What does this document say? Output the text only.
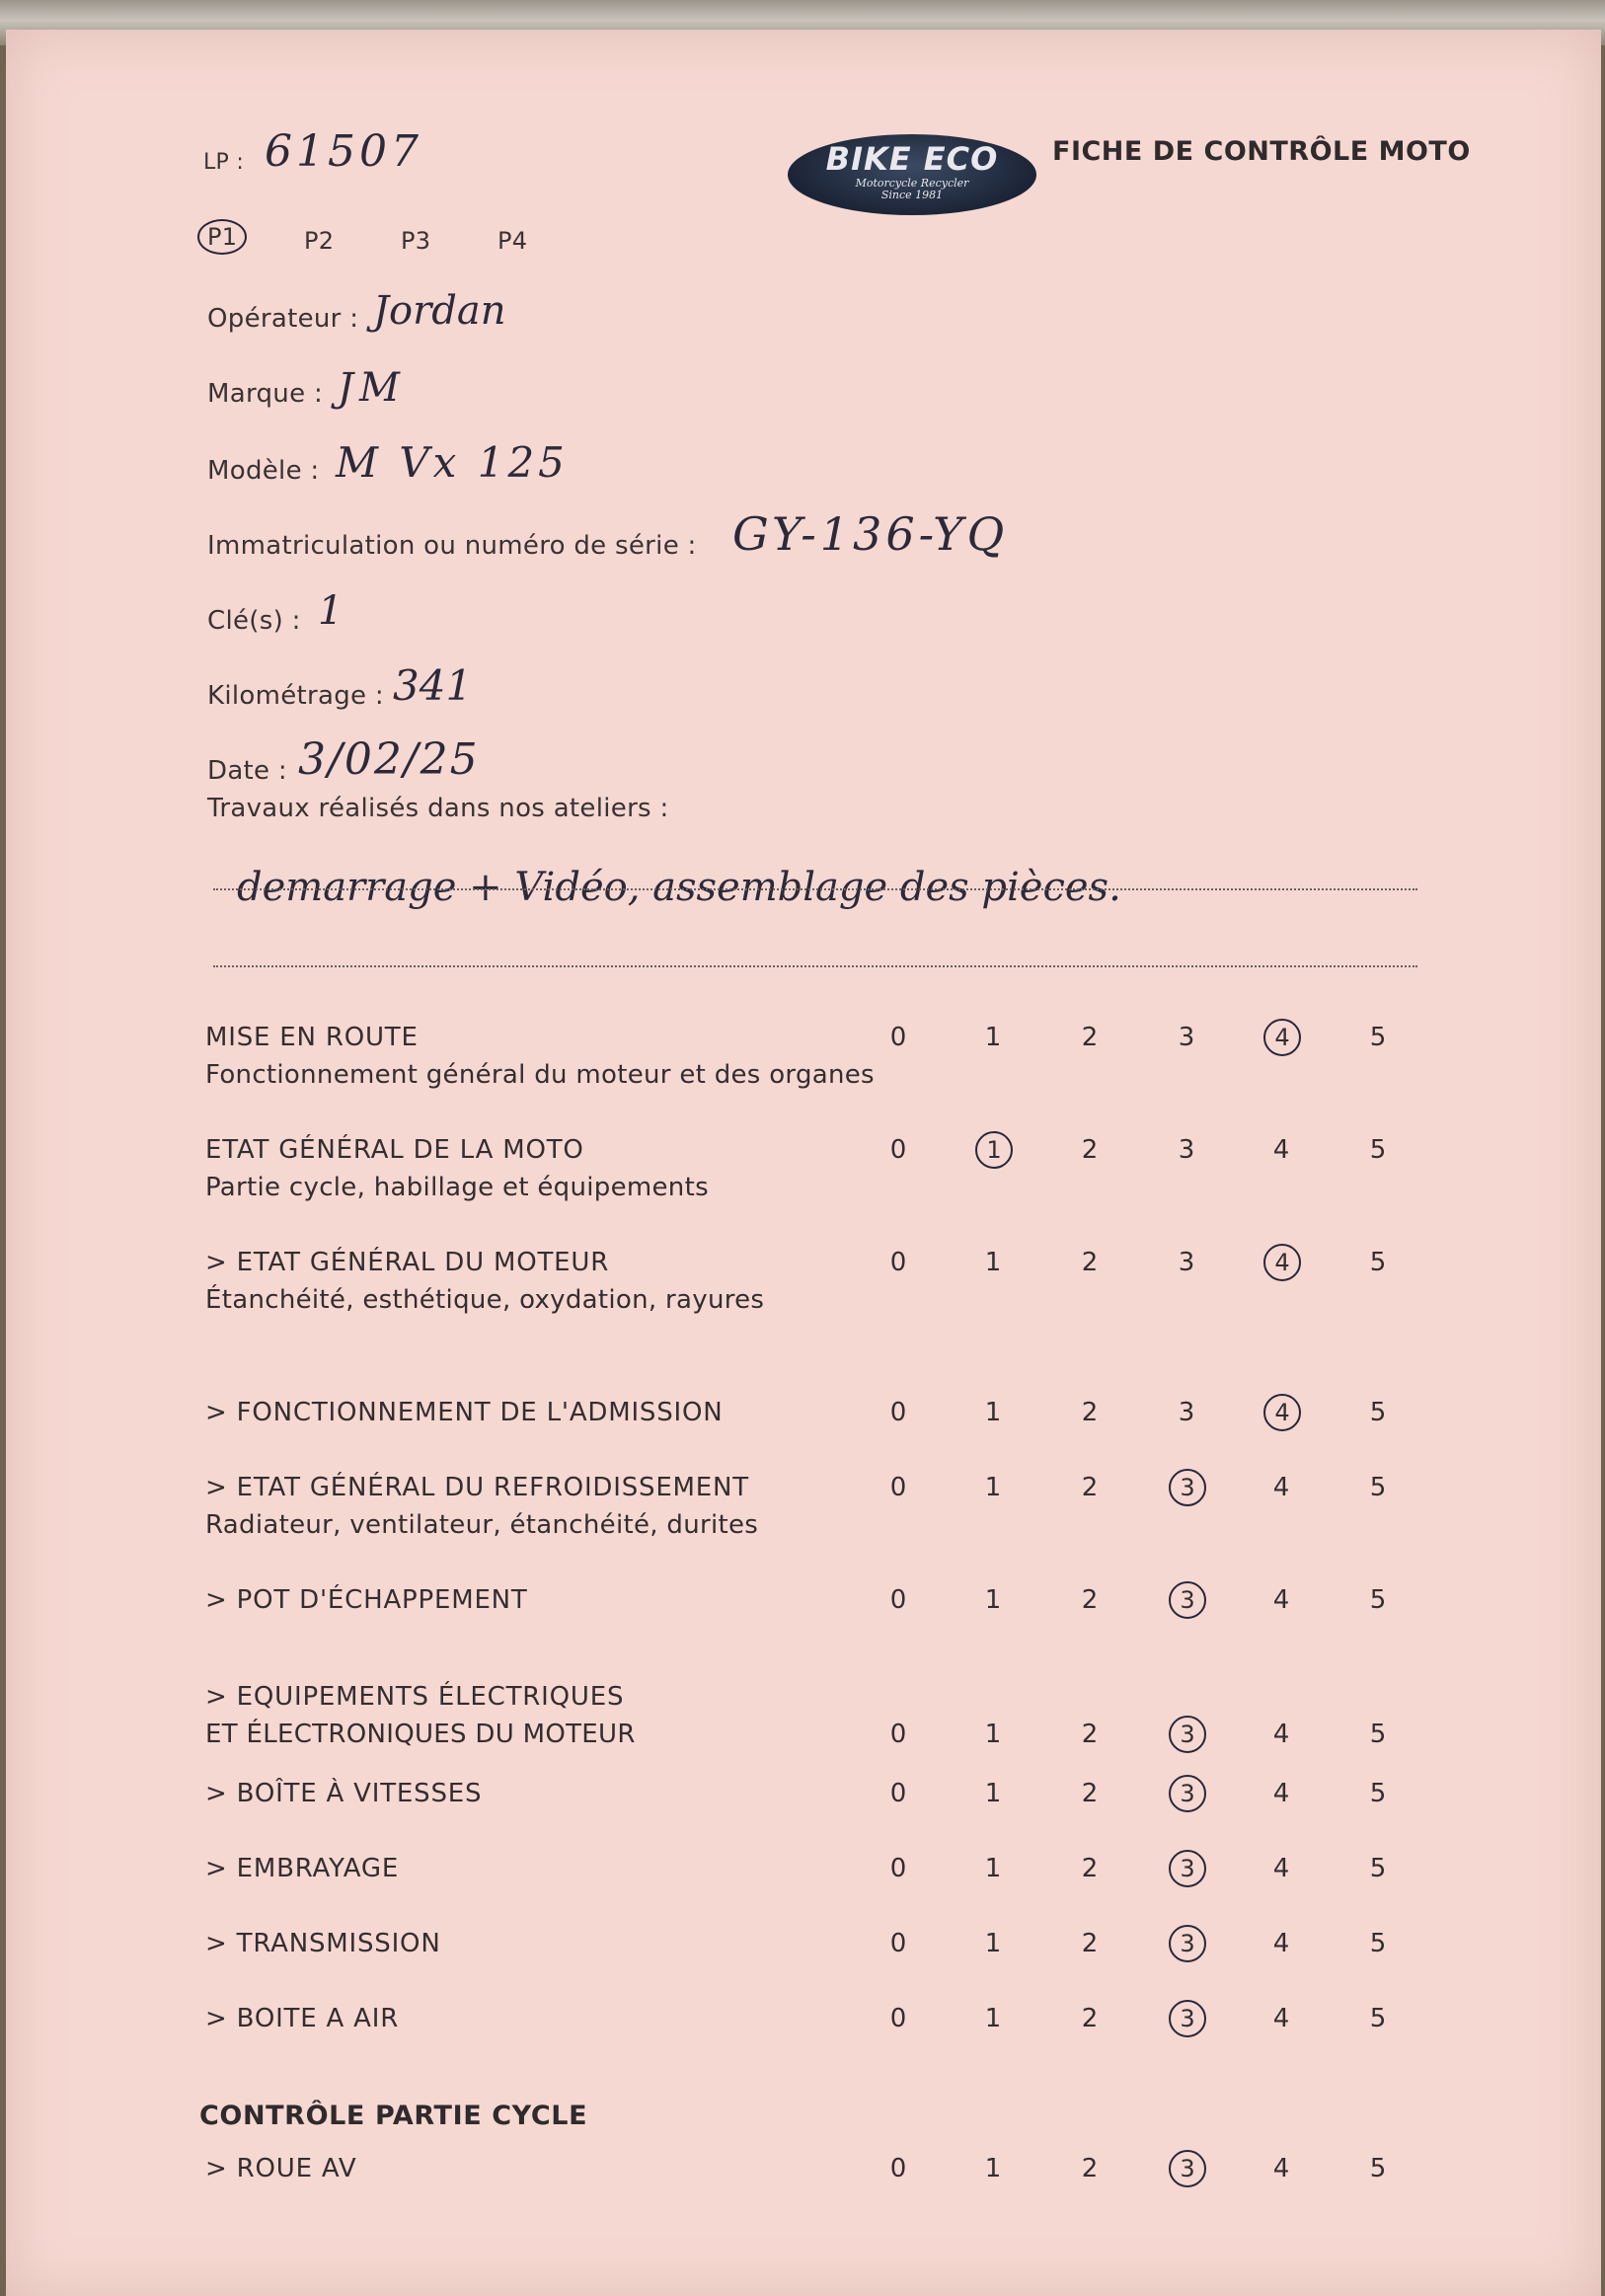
BIKE ECO
Motorcycle Recycler
Since 1981
FICHE DE CONTRÔLE MOTO
LP : 61507
P1	P2	P3	P4
Opérateur : Jordan
Marque : JM
Modèle : M Vx 125
Immatriculation ou numéro de série : GY-136-YQ
Clé(s) : 1
Kilométrage : 341
Date : 3/02/25
Travaux réalisés dans nos ateliers :
demarrage + Vidéo, assemblage des pièces.
MISE EN ROUTE
Fonctionnement général du moteur et des organes
0	1	2	3	4	5
ETAT GÉNÉRAL DE LA MOTO
Partie cycle, habillage et équipements
0	1	2	3	4	5
> ETAT GÉNÉRAL DU MOTEUR
Étanchéité, esthétique, oxydation, rayures
0	1	2	3	4	5
> FONCTIONNEMENT DE L'ADMISSION	0	1	2	3	4	5
> ETAT GÉNÉRAL DU REFROIDISSEMENT
Radiateur, ventilateur, étanchéité, durites
0	1	2	3	4	5
> POT D'ÉCHAPPEMENT	0	1	2	3	4	5
> EQUIPEMENTS ÉLECTRIQUES
ET ÉLECTRONIQUES DU MOTEUR	0	1	2	3	4	5
> BOÎTE À VITESSES	0	1	2	3	4	5
> EMBRAYAGE	0	1	2	3	4	5
> TRANSMISSION	0	1	2	3	4	5
> BOITE A AIR	0	1	2	3	4	5
CONTRÔLE PARTIE CYCLE
> ROUE AV	0	1	2	3	4	5
